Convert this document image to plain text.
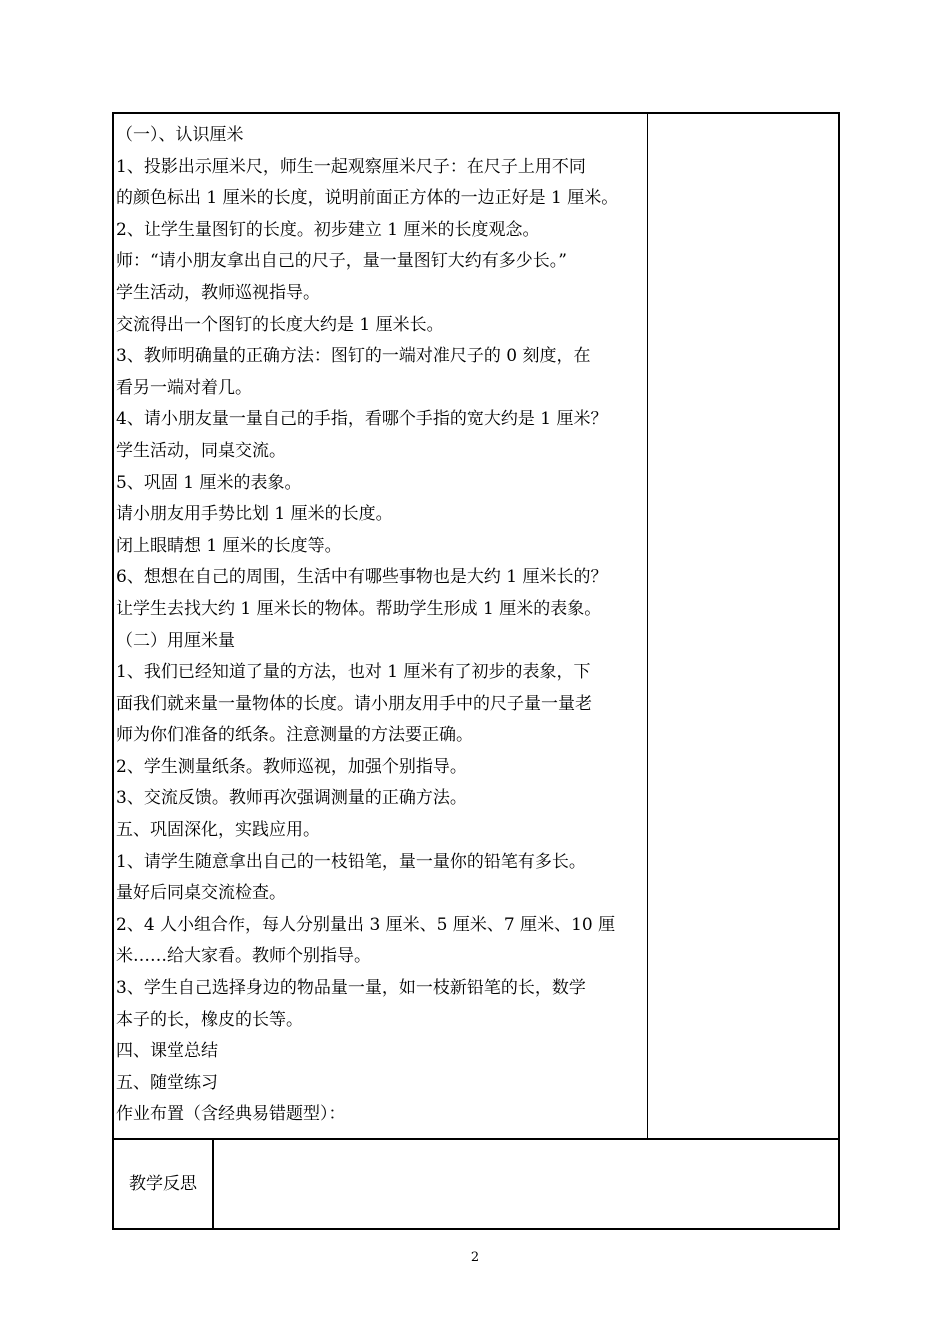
（一）、认识厘米
1、投影出示厘米尺，师生一起观察厘米尺子：在尺子上用不同
的颜色标出 1 厘米的长度，说明前面正方体的一边正好是 1 厘米。
2、让学生量图钉的长度。初步建立 1 厘米的长度观念。
师：“请小朋友拿出自己的尺子，量一量图钉大约有多少长。”
学生活动，教师巡视指导。
交流得出一个图钉的长度大约是 1 厘米长。
3、教师明确量的正确方法：图钉的一端对准尺子的 0 刻度，在
看另一端对着几。
4、请小朋友量一量自己的手指，看哪个手指的宽大约是 1 厘米？
学生活动，同桌交流。
5、巩固 1 厘米的表象。
请小朋友用手势比划 1 厘米的长度。
闭上眼睛想 1 厘米的长度等。
6、想想在自己的周围，生活中有哪些事物也是大约 1 厘米长的？
让学生去找大约 1 厘米长的物体。帮助学生形成 1 厘米的表象。
（二）用厘米量
1、我们已经知道了量的方法，也对 1 厘米有了初步的表象，下
面我们就来量一量物体的长度。请小朋友用手中的尺子量一量老
师为你们准备的纸条。注意测量的方法要正确。
2、学生测量纸条。教师巡视，加强个别指导。
3、交流反馈。教师再次强调测量的正确方法。
五、巩固深化，实践应用。
1、请学生随意拿出自己的一枝铅笔，量一量你的铅笔有多长。
量好后同桌交流检查。
2、4 人小组合作，每人分别量出 3 厘米、5 厘米、7 厘米、10 厘
米……给大家看。教师个别指导。
3、学生自己选择身边的物品量一量，如一枝新铅笔的长，数学
本子的长，橡皮的长等。
四、课堂总结
五、随堂练习
作业布置（含经典易错题型）：
教学反思
2
